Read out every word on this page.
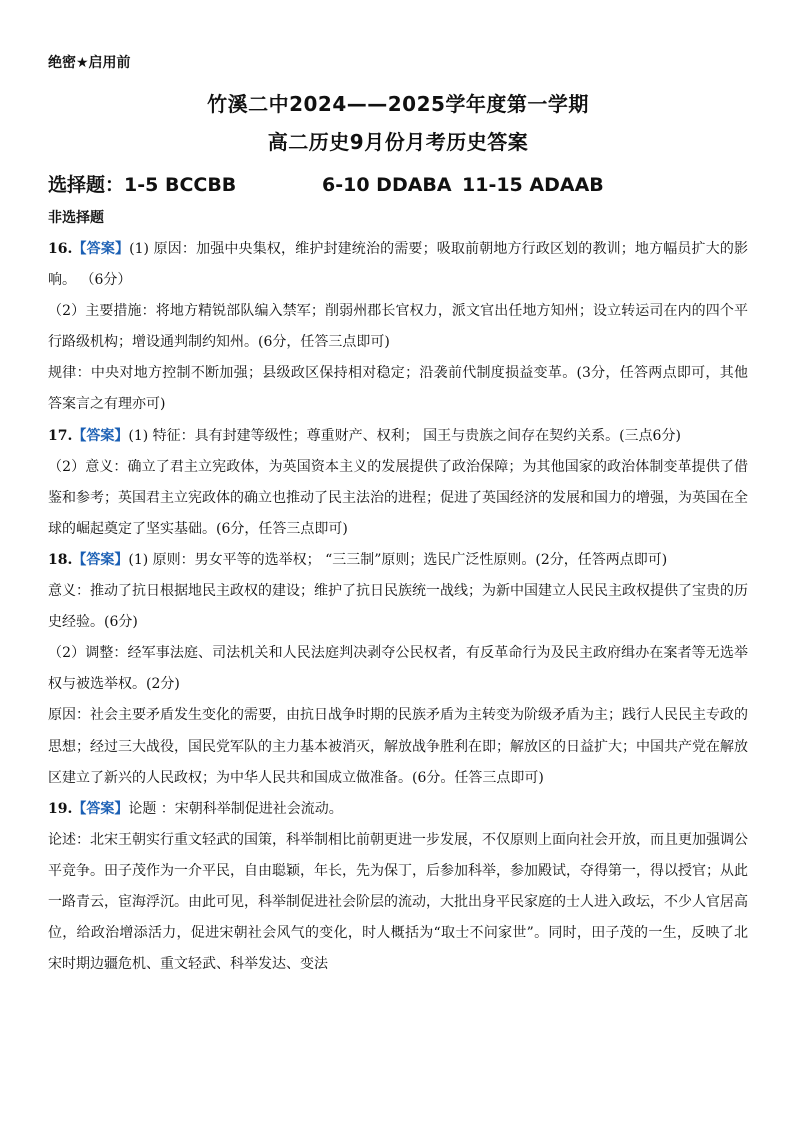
绝密★启用前
竹溪二中2024——2025学年度第一学期
高二历史9月份月考历史答案
选择题：1-5 BCCBB	6-10 DDABA 11-15 ADAAB
非选择题

16.【答案】(1) 原因：加强中央集权，维护封建统治的需要；吸取前朝地方行政区划的教训；地方幅员扩大的影响。 （6分）

（2）主要措施：将地方精锐部队编入禁军；削弱州郡长官权力，派文官出任地方知州；设立转运司在内的四个平行路级机构；增设通判制约知州。(6分，任答三点即可)

规律：中央对地方控制不断加强；县级政区保持相对稳定；沿袭前代制度损益变革。(3分，任答两点即可，其他答案言之有理亦可)

17.【答案】(1) 特征：具有封建等级性；尊重财产、权利； 国王与贵族之间存在契约关系。(三点6分)

（2）意义：确立了君主立宪政体，为英国资本主义的发展提供了政治保障；为其他国家的政治体制变革提供了借鉴和参考；英国君主立宪政体的确立也推动了民主法治的进程；促进了英国经济的发展和国力的增强，为英国在全球的崛起奠定了坚实基础。(6分，任答三点即可)

18.【答案】(1) 原则：男女平等的选举权； “三三制”原则；选民广泛性原则。(2分，任答两点即可)

意义：推动了抗日根据地民主政权的建设；维护了抗日民族统一战线；为新中国建立人民民主政权提供了宝贵的历史经验。(6分)

（2）调整：经军事法庭、司法机关和人民法庭判决剥夺公民权者，有反革命行为及民主政府缉办在案者等无选举权与被选举权。(2分)

原因：社会主要矛盾发生变化的需要，由抗日战争时期的民族矛盾为主转变为阶级矛盾为主；践行人民民主专政的思想；经过三大战役，国民党军队的主力基本被消灭，解放战争胜利在即；解放区的日益扩大；中国共产党在解放区建立了新兴的人民政权；为中华人民共和国成立做准备。(6分。任答三点即可)

19.【答案】论题 ：宋朝科举制促进社会流动。

论述：北宋王朝实行重文轻武的国策，科举制相比前朝更进一步发展，不仅原则上面向社会开放，而且更加强调公平竞争。田子茂作为一介平民，自由聪颖，年长，先为保丁，后参加科举，参加殿试，夺得第一，得以授官；从此一路青云，宦海浮沉。由此可见，科举制促进社会阶层的流动，大批出身平民家庭的士人进入政坛，不少人官居高位，给政治增添活力，促进宋朝社会风气的变化，时人概括为“取士不问家世”。同时，田子茂的一生，反映了北宋时期边疆危机、重文轻武、科举发达、变法
